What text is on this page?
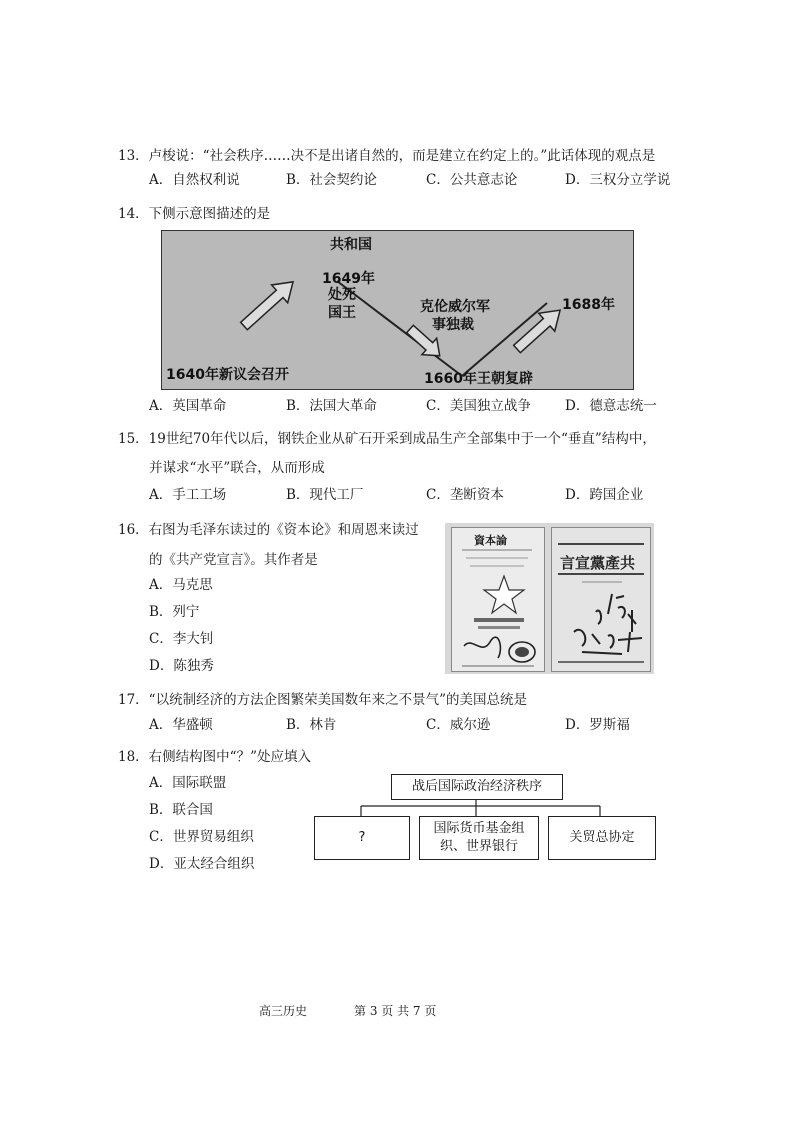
13．卢梭说：“社会秩序……决不是出诸自然的，而是建立在约定上的。”此话体现的观点是
A．自然权利说	B．社会契约论	C．公共意志论	D．三权分立学说
14．下侧示意图描述的是
共和国
1649年
处死
国王	克伦威尔军
事独裁
1688年
1640年新议会召开	1660年王朝复辟
A．英国革命	B．法国大革命	C．美国独立战争	D．德意志统一
15．19世纪70年代以后，钢铁企业从矿石开采到成品生产全部集中于一个“垂直”结构中，
并谋求“水平”联合，从而形成
A．手工工场	B．现代工厂	C．垄断资本	D．跨国企业
16．右图为毛泽东读过的《资本论》和周恩来读过
的《共产党宣言》。其作者是
A．马克思
B．列宁
C．李大钊
D．陈独秀
資本論
言宣黨產共
17．“以统制经济的方法企图繁荣美国数年来之不景气”的美国总统是
A．华盛顿	B．林肯	C．威尔逊	D．罗斯福
18．右侧结构图中“？”处应填入
A．国际联盟
B．联合国
C．世界贸易组织
D．亚太经合组织
战后国际政治经济秩序
?
国际货币基金组
织、世界银行
关贸总协定
高三历史	第 3 页 共 7 页
